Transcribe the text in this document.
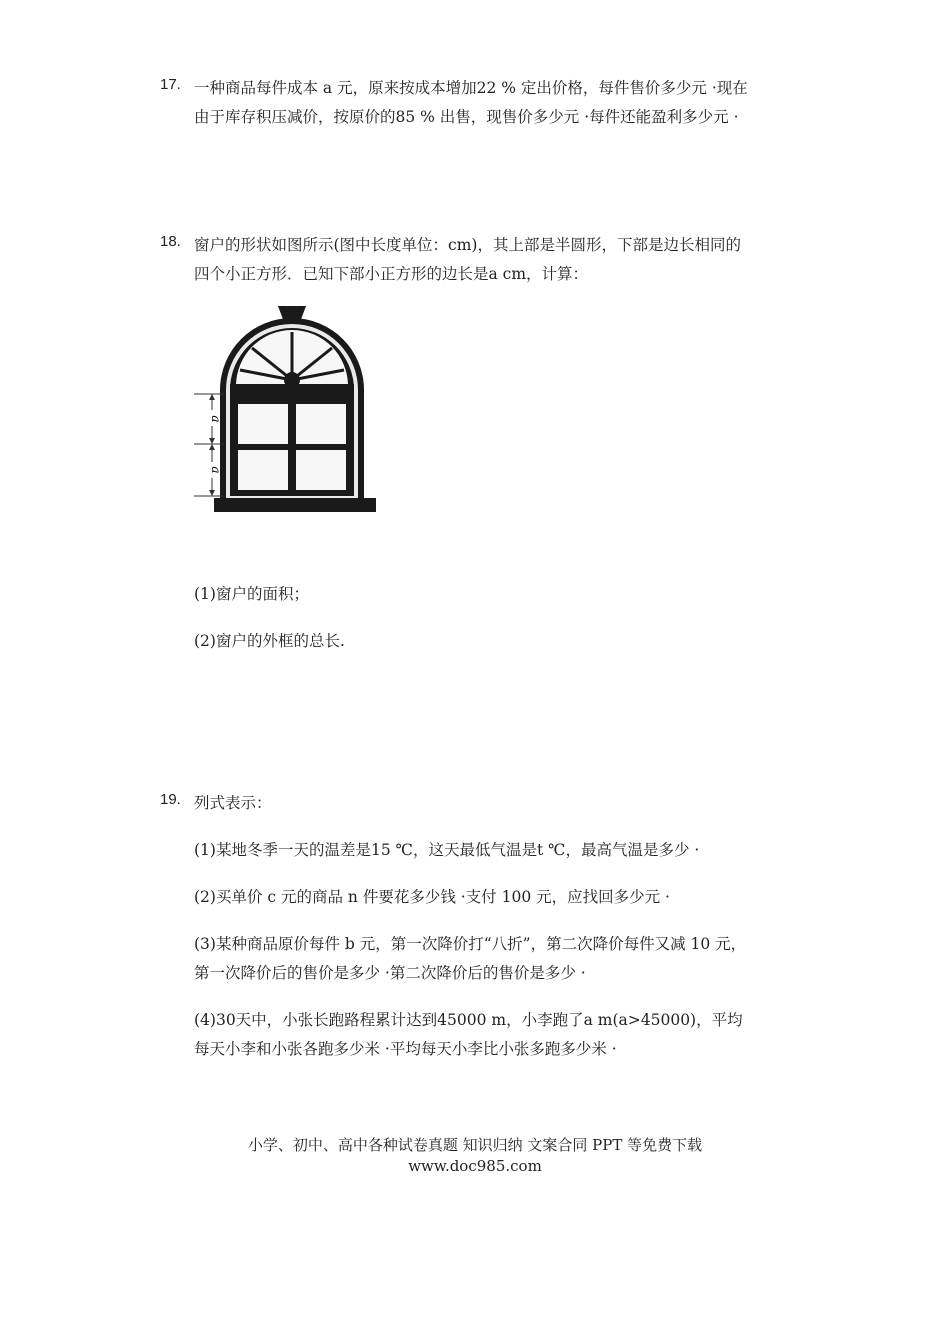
17. 一种商品每件成本 a 元，原来按成本增加22 % 定出价格，每件售价多少元 ·现在
由于库存积压减价，按原价的85 % 出售，现售价多少元 ·每件还能盈利多少元 ·
18. 窗户的形状如图所示(图中长度单位：cm)，其上部是半圆形，下部是边长相同的
四个小正方形．已知下部小正方形的边长是a cm，计算：
a
a
(1)窗户的面积；
(2)窗户的外框的总长.
19. 列式表示：
(1)某地冬季一天的温差是15 ℃，这天最低气温是t ℃，最高气温是多少 ·
(2)买单价 c 元的商品 n 件要花多少钱 ·支付 100 元，应找回多少元 ·
(3)某种商品原价每件 b 元，第一次降价打“八折”，第二次降价每件又减 10 元，
第一次降价后的售价是多少 ·第二次降价后的售价是多少 ·
(4)30天中，小张长跑路程累计达到45000 m，小李跑了a m(a>45000)，平均
每天小李和小张各跑多少米 ·平均每天小李比小张多跑多少米 ·
小学、初中、高中各种试卷真题 知识归纳 文案合同 PPT 等免费下载
www.doc985.com
